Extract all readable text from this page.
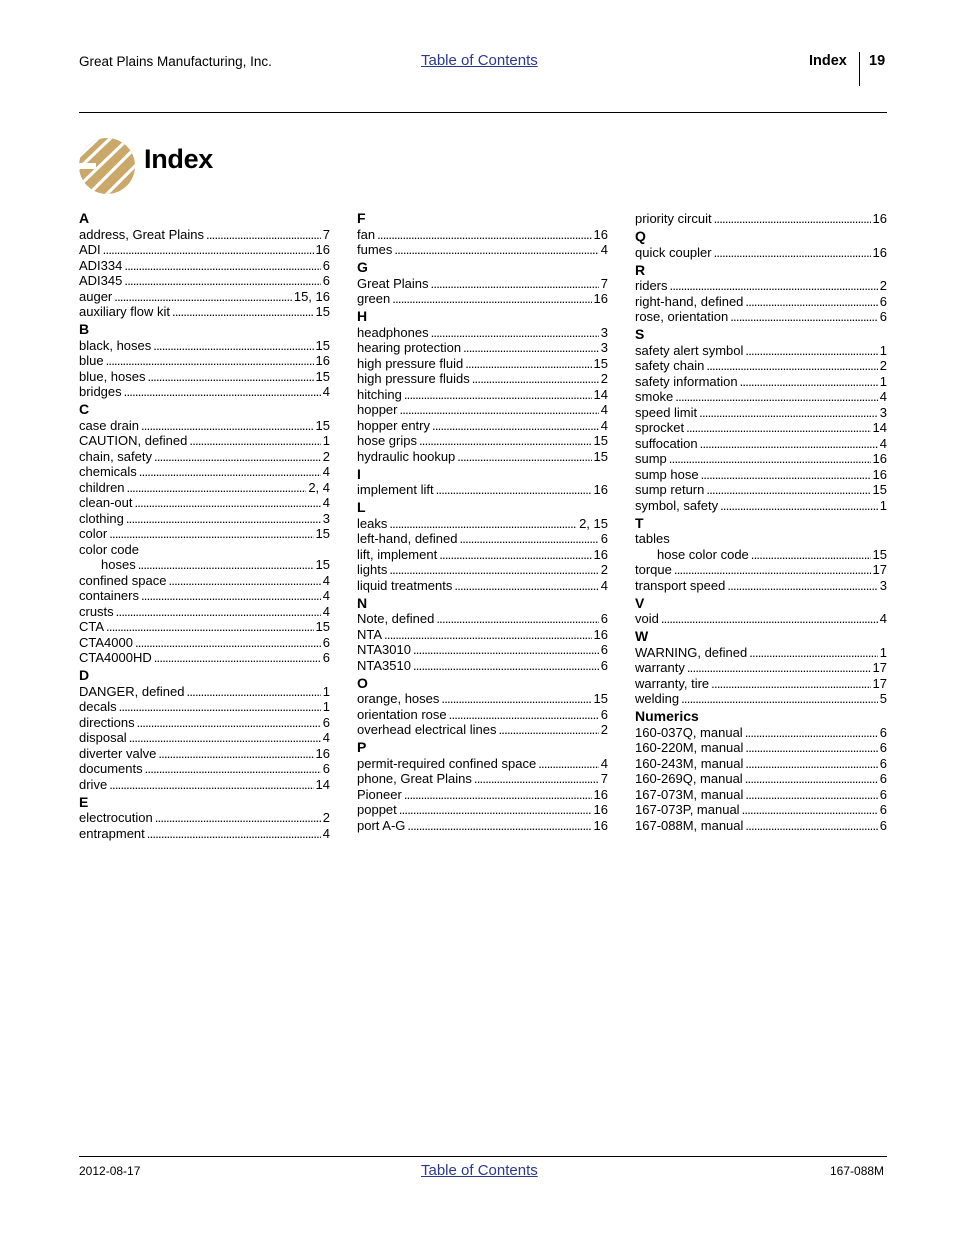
Great Plains Manufacturing, Inc.	Table of Contents	Index 19
Index
A
address, Great Plains . . .	7
ADI . . .	16
ADI334 . . .	6
ADI345 . . .	6
auger . . .	15, 16
auxiliary flow kit . . .	15
B
black, hoses . . .	15
blue . . .	16
blue, hoses . . .	15
bridges . . .	4
C
case drain . . .	15
CAUTION, defined . . .	1
chain, safety . . .	2
chemicals . . .	4
children . . .	2, 4
clean-out . . .	4
clothing . . .	3
color . . .	15
color code
hoses . . .	15
confined space . . .	4
containers . . .	4
crusts . . .	4
CTA . . .	15
CTA4000 . . .	6
CTA4000HD . . .	6
D
DANGER, defined . . .	1
decals . . .	1
directions . . .	6
disposal . . .	4
diverter valve . . .	16
documents . . .	6
drive . . .	14
E
electrocution . . .	2
entrapment . . .	4
F
fan . . .	16
fumes . . .	4
G
Great Plains . . .	7
green . . .	16
H
headphones . . .	3
hearing protection . . .	3
high pressure fluid . . .	15
high pressure fluids . . .	2
hitching . . .	14
hopper . . .	4
hopper entry . . .	4
hose grips . . .	15
hydraulic hookup . . .	15
I
implement lift . . .	16
L
leaks . . .	2, 15
left-hand, defined . . .	6
lift, implement . . .	16
lights . . .	2
liquid treatments . . .	4
N
Note, defined . . .	6
NTA . . .	16
NTA3010 . . .	6
NTA3510 . . .	6
O
orange, hoses . . .	15
orientation rose . . .	6
overhead electrical lines . . .	2
P
permit-required confined space . . .	4
phone, Great Plains . . .	7
Pioneer . . .	16
poppet . . .	16
port A-G . . .	16
priority circuit . . .	16
Q
quick coupler . . .	16
R
riders . . .	2
right-hand, defined . . .	6
rose, orientation . . .	6
S
safety alert symbol . . .	1
safety chain . . .	2
safety information . . .	1
smoke . . .	4
speed limit . . .	3
sprocket . . .	14
suffocation . . .	4
sump . . .	16
sump hose . . .	16
sump return . . .	15
symbol, safety . . .	1
T
tables
hose color code . . .	15
torque . . .	17
transport speed . . .	3
V
void . . .	4
W
WARNING, defined . . .	1
warranty . . .	17
warranty, tire . . .	17
welding . . .	5
Numerics
160-037Q, manual . . .	6
160-220M, manual . . .	6
160-243M, manual . . .	6
160-269Q, manual . . .	6
167-073M, manual . . .	6
167-073P, manual . . .	6
167-088M, manual . . .	6
2012-08-17	Table of Contents	167-088M
